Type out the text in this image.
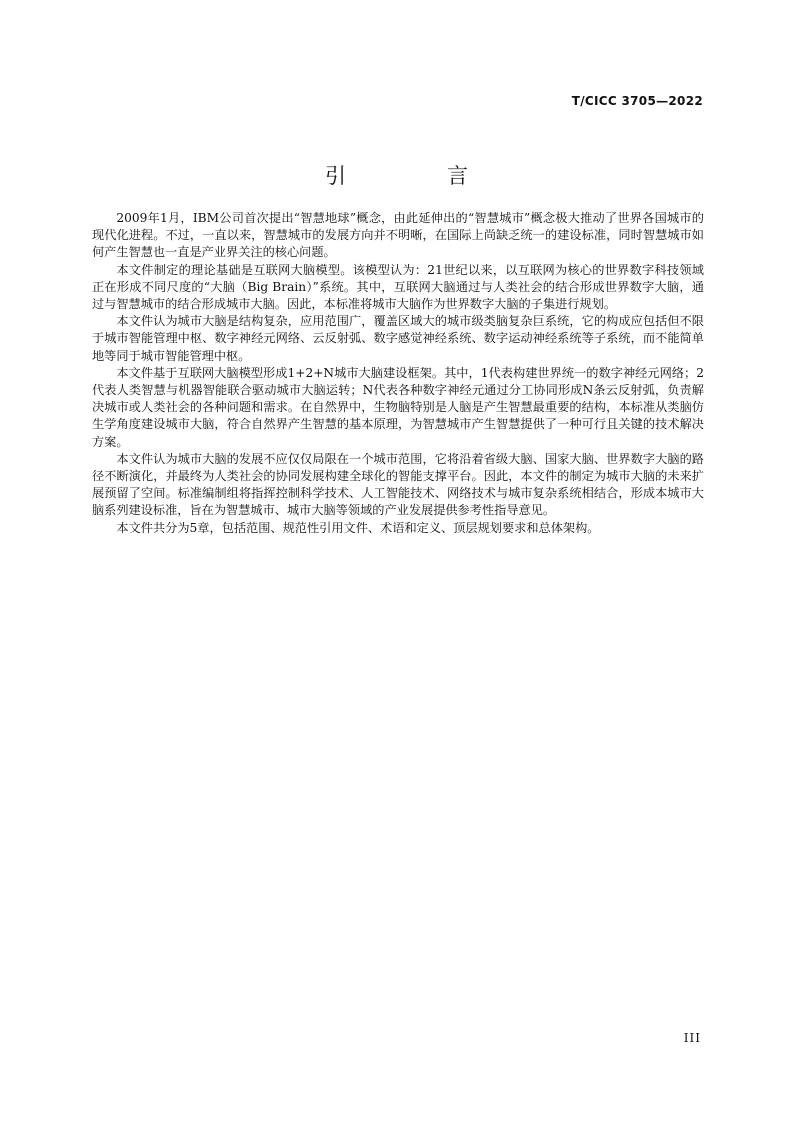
T/CICC 3705—2022
引　言

2009年1月，IBM公司首次提出“智慧地球”概念，由此延伸出的“智慧城市”概念极大推动了世界各国城市的现代化进程。不过，一直以来，智慧城市的发展方向并不明晰，在国际上尚缺乏统一的建设标准，同时智慧城市如何产生智慧也一直是产业界关注的核心问题。

本文件制定的理论基础是互联网大脑模型。该模型认为：21世纪以来，以互联网为核心的世界数字科技领域正在形成不同尺度的“大脑（Big Brain）”系统。其中，互联网大脑通过与人类社会的结合形成世界数字大脑，通过与智慧城市的结合形成城市大脑。因此，本标准将城市大脑作为世界数字大脑的子集进行规划。

本文件认为城市大脑是结构复杂，应用范围广，覆盖区域大的城市级类脑复杂巨系统，它的构成应包括但不限于城市智能管理中枢、数字神经元网络、云反射弧、数字感觉神经系统、数字运动神经系统等子系统，而不能简单地等同于城市智能管理中枢。

本文件基于互联网大脑模型形成1+2+N城市大脑建设框架。其中，1代表构建世界统一的数字神经元网络；2代表人类智慧与机器智能联合驱动城市大脑运转；N代表各种数字神经元通过分工协同形成N条云反射弧，负责解决城市或人类社会的各种问题和需求。在自然界中，生物脑特别是人脑是产生智慧最重要的结构，本标准从类脑仿生学角度建设城市大脑，符合自然界产生智慧的基本原理，为智慧城市产生智慧提供了一种可行且关键的技术解决方案。

本文件认为城市大脑的发展不应仅仅局限在一个城市范围，它将沿着省级大脑、国家大脑、世界数字大脑的路径不断演化，并最终为人类社会的协同发展构建全球化的智能支撑平台。因此，本文件的制定为城市大脑的未来扩展预留了空间。标准编制组将指挥控制科学技术、人工智能技术、网络技术与城市复杂系统相结合，形成本城市大脑系列建设标准，旨在为智慧城市、城市大脑等领域的产业发展提供参考性指导意见。

本文件共分为5章，包括范围、规范性引用文件、术语和定义、顶层规划要求和总体架构。

III
